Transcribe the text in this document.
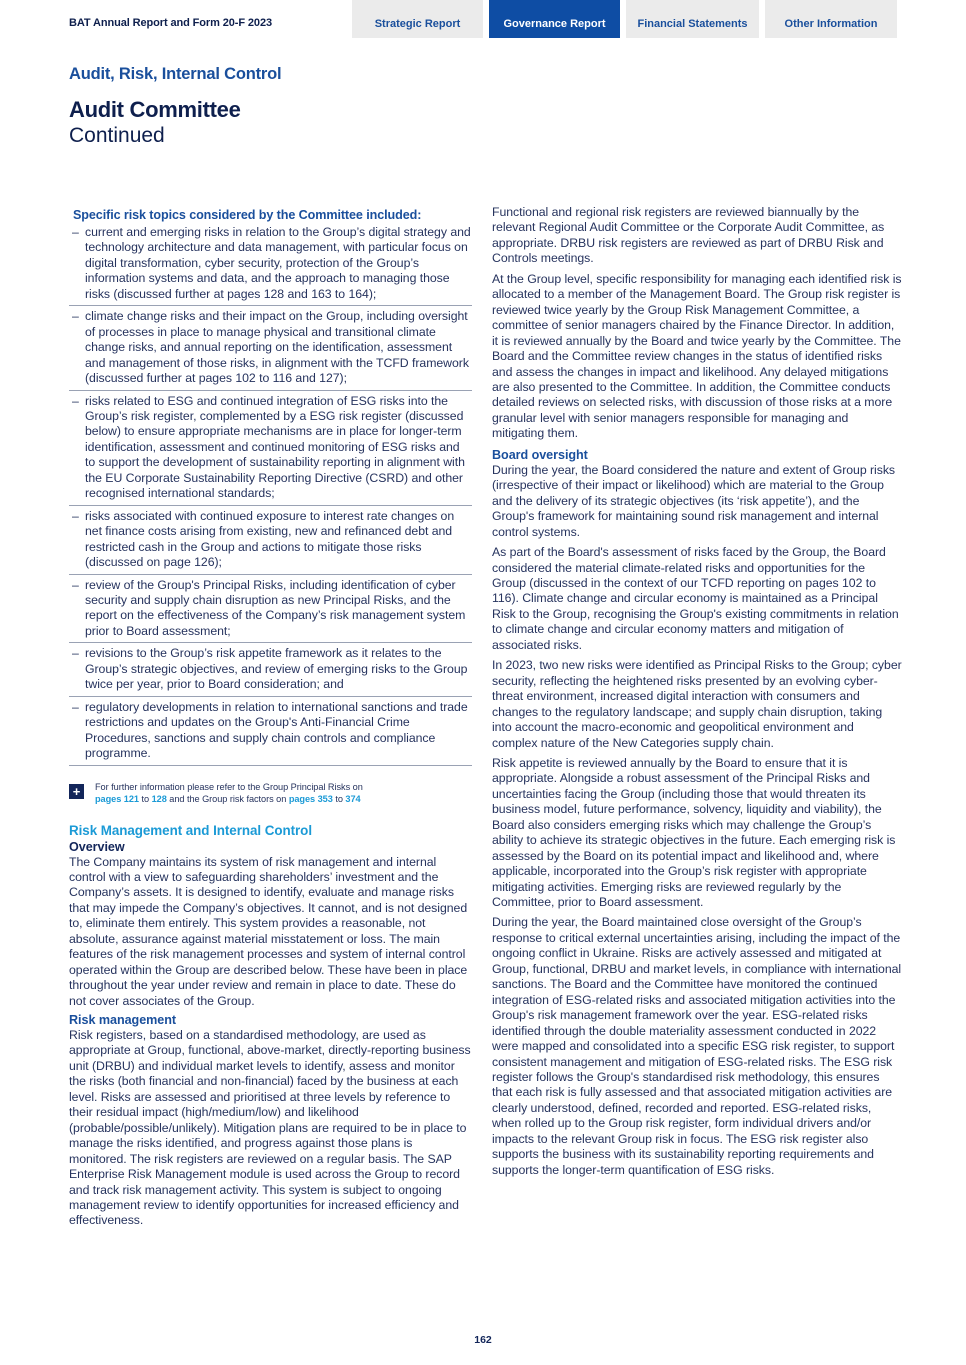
BAT Annual Report and Form 20-F 2023	Strategic Report	Governance Report	Financial Statements	Other Information
Audit, Risk, Internal Control
Audit Committee
Continued
Specific risk topics considered by the Committee included:
– current and emerging risks in relation to the Group’s digital strategy and technology architecture and data management, with particular focus on digital transformation, cyber security, protection of the Group’s information systems and data, and the approach to managing those risks (discussed further at pages 128 and 163 to 164);
– climate change risks and their impact on the Group, including oversight of processes in place to manage physical and transitional climate change risks, and annual reporting on the identification, assessment and management of those risks, in alignment with the TCFD framework (discussed further at pages 102 to 116 and 127);
– risks related to ESG and continued integration of ESG risks into the Group’s risk register, complemented by a ESG risk register (discussed below) to ensure appropriate mechanisms are in place for longer-term identification, assessment and continued monitoring of ESG risks and to support the development of sustainability reporting in alignment with the EU Corporate Sustainability Reporting Directive (CSRD) and other recognised international standards;
– risks associated with continued exposure to interest rate changes on net finance costs arising from existing, new and refinanced debt and restricted cash in the Group and actions to mitigate those risks (discussed on page 126);
– review of the Group's Principal Risks, including identification of cyber security and supply chain disruption as new Principal Risks, and the report on the effectiveness of the Company’s risk management system prior to Board assessment;
– revisions to the Group’s risk appetite framework as it relates to the Group’s strategic objectives, and review of emerging risks to the Group twice per year, prior to Board consideration; and
– regulatory developments in relation to international sanctions and trade restrictions and updates on the Group's Anti-Financial Crime Procedures, sanctions and supply chain controls and compliance programme.
+	For further information please refer to the Group Principal Risks on
pages 121 to 128 and the Group risk factors on pages 353 to 374
Risk Management and Internal Control
Overview

The Company maintains its system of risk management and internal control with a view to safeguarding shareholders’ investment and the Company’s assets. It is designed to identify, evaluate and manage risks that may impede the Company’s objectives. It cannot, and is not designed to, eliminate them entirely. This system provides a reasonable, not absolute, assurance against material misstatement or loss. The main features of the risk management processes and system of internal control operated within the Group are described below. These have been in place throughout the year under review and remain in place to date. These do not cover associates of the Group.

Risk management

Risk registers, based on a standardised methodology, are used as appropriate at Group, functional, above-market, directly-reporting business unit (DRBU) and individual market levels to identify, assess and monitor the risks (both financial and non-financial) faced by the business at each level. Risks are assessed and prioritised at three levels by reference to their residual impact (high/medium/low) and likelihood (probable/possible/unlikely). Mitigation plans are required to be in place to manage the risks identified, and progress against those plans is monitored. The risk registers are reviewed on a regular basis. The SAP Enterprise Risk Management module is used across the Group to record and track risk management activity. This system is subject to ongoing management review to identify opportunities for increased efficiency and effectiveness.

Functional and regional risk registers are reviewed biannually by the relevant Regional Audit Committee or the Corporate Audit Committee, as appropriate. DRBU risk registers are reviewed as part of DRBU Risk and Controls meetings.

At the Group level, specific responsibility for managing each identified risk is allocated to a member of the Management Board. The Group risk register is reviewed twice yearly by the Group Risk Management Committee, a committee of senior managers chaired by the Finance Director. In addition, it is reviewed annually by the Board and twice yearly by the Committee. The Board and the Committee review changes in the status of identified risks and assess the changes in impact and likelihood. Any delayed mitigations are also presented to the Committee. In addition, the Committee conducts detailed reviews on selected risks, with discussion of those risks at a more granular level with senior managers responsible for managing and mitigating them.

Board oversight

During the year, the Board considered the nature and extent of Group risks (irrespective of their impact or likelihood) which are material to the Group and the delivery of its strategic objectives (its ‘risk appetite’), and the Group's framework for maintaining sound risk management and internal control systems.

As part of the Board's assessment of risks faced by the Group, the Board considered the material climate-related risks and opportunities for the Group (discussed in the context of our TCFD reporting on pages 102 to 116). Climate change and circular economy is maintained as a Principal Risk to the Group, recognising the Group's existing commitments in relation to climate change and circular economy matters and mitigation of associated risks.

In 2023, two new risks were identified as Principal Risks to the Group; cyber security, reflecting the heightened risks presented by an evolving cyber-threat environment, increased digital interaction with consumers and changes to the regulatory landscape; and supply chain disruption, taking into account the macro-economic and geopolitical environment and complex nature of the New Categories supply chain.

Risk appetite is reviewed annually by the Board to ensure that it is appropriate. Alongside a robust assessment of the Principal Risks and uncertainties facing the Group (including those that would threaten its business model, future performance, solvency, liquidity and viability), the Board also considers emerging risks which may challenge the Group’s ability to achieve its strategic objectives in the future. Each emerging risk is assessed by the Board on its potential impact and likelihood and, where applicable, incorporated into the Group’s risk register with appropriate mitigating activities. Emerging risks are reviewed regularly by the Committee, prior to Board assessment.

During the year, the Board maintained close oversight of the Group’s response to critical external uncertainties arising, including the impact of the ongoing conflict in Ukraine. Risks are actively assessed and mitigated at Group, functional, DRBU and market levels, in compliance with international sanctions. The Board and the Committee have monitored the continued integration of ESG-related risks and associated mitigation activities into the Group's risk management framework over the year. ESG-related risks identified through the double materiality assessment conducted in 2022 were mapped and consolidated into a specific ESG risk register, to support consistent management and mitigation of ESG-related risks. The ESG risk register follows the Group's standardised risk methodology, this ensures that each risk is fully assessed and that associated mitigation activities are clearly understood, defined, recorded and reported. ESG-related risks, when rolled up to the Group risk register, form individual drivers and/or impacts to the relevant Group risk in focus. The ESG risk register also supports the business with its sustainability reporting requirements and supports the longer-term quantification of ESG risks.

162
